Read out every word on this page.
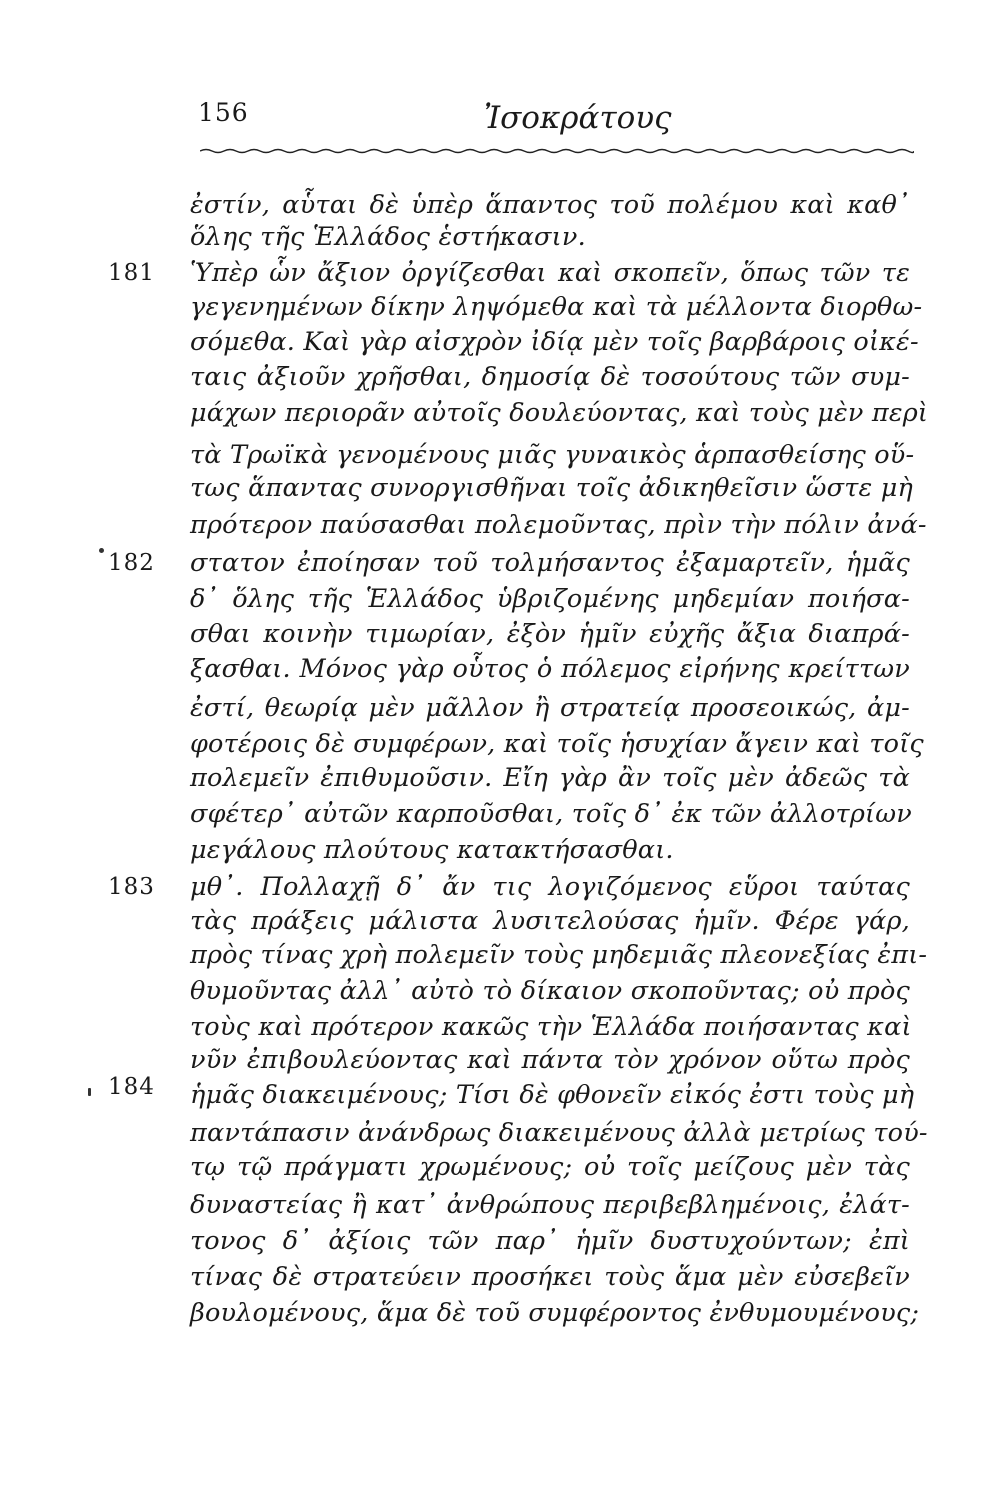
156	Ἰσοκράτους
181
182
183
184
ἐστίν, αὗται δὲ ὑπὲρ ἅπαντος τοῦ πολέμου καὶ καθ᾽
ὅλης τῆς Ἑλλάδος ἑστήκασιν.
Ὑπὲρ ὧν ἄξιον ὀργίζεσθαι καὶ σκοπεῖν, ὅπως τῶν τε
γεγενημένων δίκην ληψόμεθα καὶ τὰ μέλλοντα διορθω-
σόμεθα. Καὶ γὰρ αἰσχρὸν ἰδίᾳ μὲν τοῖς βαρβάροις οἰκέ-
ταις ἀξιοῦν χρῆσθαι, δημοσίᾳ δὲ τοσούτους τῶν συμ-
μάχων περιορᾶν αὐτοῖς δουλεύοντας, καὶ τοὺς μὲν περὶ
τὰ Τρωϊκὰ γενομένους μιᾶς γυναικὸς ἁρπασθείσης οὕ-
τως ἅπαντας συνοργισθῆναι τοῖς ἀδικηθεῖσιν ὥστε μὴ
πρότερον παύσασθαι πολεμοῦντας, πρὶν τὴν πόλιν ἀνά-
στατον ἐποίησαν τοῦ τολμήσαντος ἐξαμαρτεῖν, ἡμᾶς
δ᾽ ὅλης τῆς Ἑλλάδος ὑβριζομένης μηδεμίαν ποιήσα-
σθαι κοινὴν τιμωρίαν, ἐξὸν ἡμῖν εὐχῆς ἄξια διαπρά-
ξασθαι. Μόνος γὰρ οὗτος ὁ πόλεμος εἰρήνης κρείττων
ἐστί, θεωρίᾳ μὲν μᾶλλον ἢ στρατείᾳ προσεοικώς, ἀμ-
φοτέροις δὲ συμφέρων, καὶ τοῖς ἡσυχίαν ἄγειν καὶ τοῖς
πολεμεῖν ἐπιθυμοῦσιν. Εἴη γὰρ ἂν τοῖς μὲν ἀδεῶς τὰ
σφέτερ᾽ αὐτῶν καρποῦσθαι, τοῖς δ᾽ ἐκ τῶν ἀλλοτρίων
μεγάλους πλούτους κατακτήσασθαι.
μθ᾽. Πολλαχῇ δ᾽ ἄν τις λογιζόμενος εὕροι ταύτας
τὰς πράξεις μάλιστα λυσιτελούσας ἡμῖν. Φέρε γάρ,
πρὸς τίνας χρὴ πολεμεῖν τοὺς μηδεμιᾶς πλεονεξίας ἐπι-
θυμοῦντας ἀλλ᾽ αὐτὸ τὸ δίκαιον σκοποῦντας; οὐ πρὸς
τοὺς καὶ πρότερον κακῶς τὴν Ἑλλάδα ποιήσαντας καὶ
νῦν ἐπιβουλεύοντας καὶ πάντα τὸν χρόνον οὕτω πρὸς
ἡμᾶς διακειμένους; Τίσι δὲ φθονεῖν εἰκός ἐστι τοὺς μὴ
παντάπασιν ἀνάνδρως διακειμένους ἀλλὰ μετρίως τού-
τῳ τῷ πράγματι χρωμένους; οὐ τοῖς μείζους μὲν τὰς
δυναστείας ἢ κατ᾽ ἀνθρώπους περιβεβλημένοις, ἐλάτ-
τονος δ᾽ ἀξίοις τῶν παρ᾽ ἡμῖν δυστυχούντων; ἐπὶ
τίνας δὲ στρατεύειν προσήκει τοὺς ἅμα μὲν εὐσεβεῖν
βουλομένους, ἅμα δὲ τοῦ συμφέροντος ἐνθυμουμένους;
